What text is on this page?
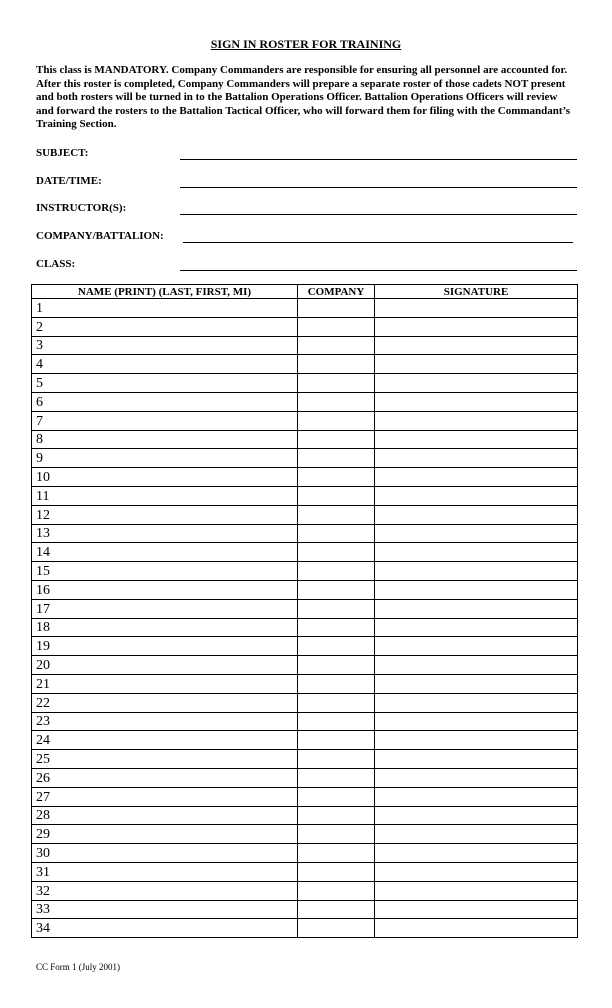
SIGN IN ROSTER FOR TRAINING

This class is MANDATORY. Company Commanders are responsible for ensuring all personnel are accounted for. After this roster is completed, Company Commanders will prepare a separate roster of those cadets NOT present and both rosters will be turned in to the Battalion Operations Officer. Battalion Operations Officers will review and forward the rosters to the Battalion Tactical Officer, who will forward them for filing with the Commandant’s Training Section.

SUBJECT:
DATE/TIME:
INSTRUCTOR(S):
COMPANY/BATTALION:
CLASS:
NAME (PRINT) (LAST, FIRST, MI)	COMPANY	SIGNATURE
1		
2		
3		
4		
5		
6		
7		
8		
9		
10		
11		
12		
13		
14		
15		
16		
17		
18		
19		
20		
21		
22		
23		
24		
25		
26		
27		
28		
29		
30		
31		
32		
33		
34		

CC Form 1 (July 2001)
